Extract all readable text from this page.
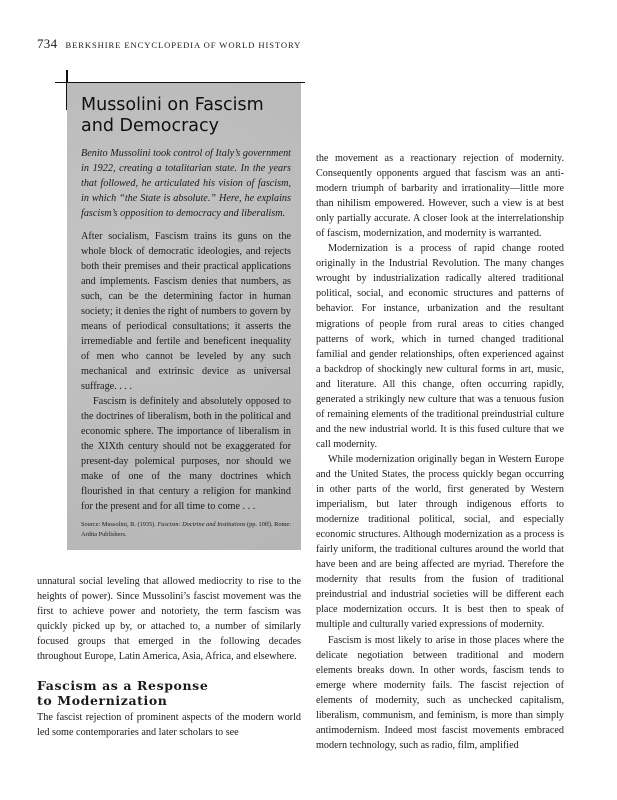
734 BERKSHIRE ENCYCLOPEDIA OF WORLD HISTORY
Mussolini on Fascism
and Democracy

Benito Mussolini took control of Italy’s government in 1922, creating a totalitarian state. In the years that followed, he articulated his vision of fascism, in which “the State is absolute.” Here, he explains fascism’s opposition to democracy and liberalism.

After socialism, Fascism trains its guns on the whole block of democratic ideologies, and rejects both their premises and their practical applications and implements. Fascism denies that numbers, as such, can be the determining factor in human society; it denies the right of numbers to govern by means of periodical consultations; it asserts the irremediable and fertile and beneficent inequality of men who cannot be leveled by any such mechanical and extrinsic device as universal suffrage. . . .

Fascism is definitely and absolutely opposed to the doctrines of liberalism, both in the political and economic sphere. The importance of liberalism in the XIXth century should not be exaggerated for present-day polemical purposes, nor should we make of one of the many doctrines which flourished in that century a religion for mankind for the present and for all time to come . . .

Source: Mussolini, B. (1935). Fascism: Doctrine and Institutions (pp. 10ff). Rome: Ardita Publishers.

the movement as a reactionary rejection of modernity. Consequently opponents argued that fascism was an anti-modern triumph of barbarity and irrationality—little more than nihilism empowered. However, such a view is at best only partially accurate. A closer look at the interrelationship of fascism, modernization, and modernity is warranted.

Modernization is a process of rapid change rooted originally in the Industrial Revolution. The many changes wrought by industrialization radically altered traditional political, social, and economic structures and patterns of behavior. For instance, urbanization and the resultant migrations of people from rural areas to cities changed patterns of work, which in turned changed traditional familial and gender relationships, often experienced against a backdrop of shockingly new cultural forms in art, music, and literature. All this change, often occurring rapidly, generated a strikingly new culture that was a tenuous fusion of remaining elements of the traditional preindustrial culture and the new industrial world. It is this fused culture that we call modernity.

While modernization originally began in Western Europe and the United States, the process quickly began occurring in other parts of the world, first generated by Western imperialism, but later through indigenous efforts to modernize traditional political, social, and especially economic structures. Although modernization as a process is fairly uniform, the traditional cultures around the world that have been and are being affected are myriad. Therefore the modernity that results from the fusion of traditional preindustrial and industrial societies will be different each place modernization occurs. It is best then to speak of multiple and culturally varied expressions of modernity.

Fascism is most likely to arise in those places where the delicate negotiation between traditional and modern elements breaks down. In other words, fascism tends to emerge where modernity fails. The fascist rejection of elements of modernity, such as unchecked capitalism, liberalism, communism, and feminism, is more than simply antimodernism. Indeed most fascist movements embraced modern technology, such as radio, film, amplified

unnatural social leveling that allowed mediocrity to rise to the heights of power). Since Mussolini’s fascist movement was the first to achieve power and notoriety, the term fascism was quickly picked up by, or attached to, a number of similarly focused groups that emerged in the following decades throughout Europe, Latin America, Asia, Africa, and elsewhere.

Fascism as a Response
to Modernization

The fascist rejection of prominent aspects of the modern world led some contemporaries and later scholars to see
